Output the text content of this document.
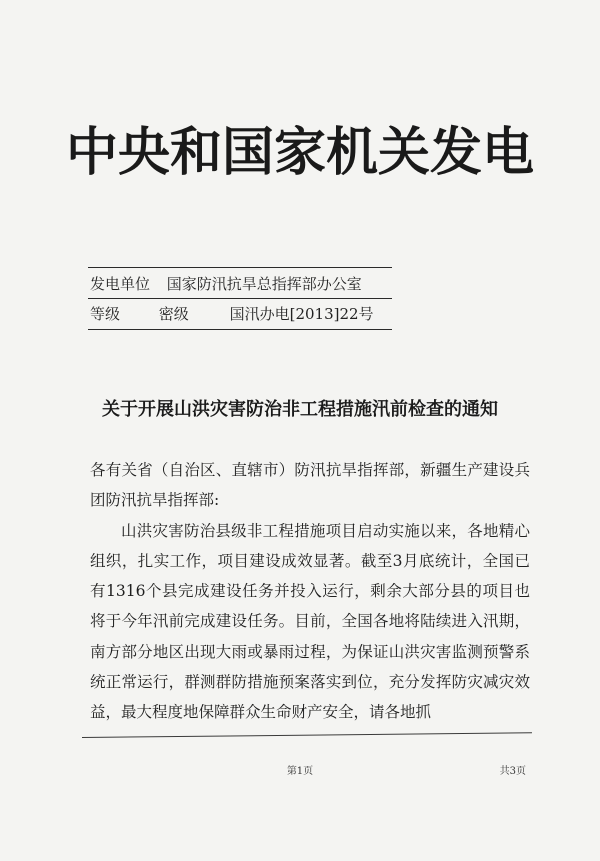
中央和国家机关发电
发电单位 国家防汛抗旱总指挥部办公室
等级	密级	国汛办电[2013]22号
关于开展山洪灾害防治非工程措施汛前检查的通知

各有关省（自治区、直辖市）防汛抗旱指挥部，新疆生产建设兵团防汛抗旱指挥部:

山洪灾害防治县级非工程措施项目启动实施以来，各地精心组织，扎实工作，项目建设成效显著。截至3月底统计，全国已有1316个县完成建设任务并投入运行，剩余大部分县的项目也将于今年汛前完成建设任务。目前，全国各地将陆续进入汛期，南方部分地区出现大雨或暴雨过程，为保证山洪灾害监测预警系统正常运行，群测群防措施预案落实到位，充分发挥防灾减灾效益，最大程度地保障群众生命财产安全，请各地抓

第1页	共3页
